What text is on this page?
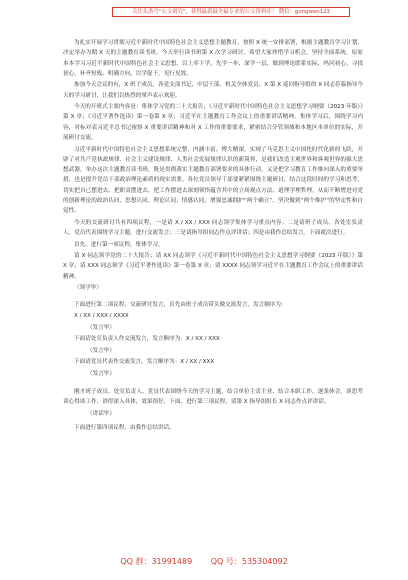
关注头条号"公文研究"，获得最新最全最专业的公文资料库！ 微信：gongwen123

为扎实开展学习贯彻习近平新时代中国特色社会主义思想主题教育，按照 X 统一安排部署，根据主题教育学习计划，决定举办为期 X 天的主题教育读书班。今天举行读书班第 X 次学习研讨。希望大家珍惜学习机会，坚持全面系统、原原本本学习习近平新时代中国特色社会主义思想，以上率下学，先学一步、深学一层，做到理论联系实际，吗问初心、寻找初心、补齐短板、明确方向，以学促干，见行见效。

参加今天会议的有，X 班子成员，各党支部书记、中层干部、机关全体党员、X 第 X 巡回指导组的 X 同志莅临指导今天的学习研讨，让我们以热烈的掌声表示欢迎。

今天的开班式主要内容是：集体学习党的二十大报告；《习近平新时代中国特色社会主义思想学习纲要（2023 年版）》第 X 章；《习近平著作选读》第一卷第 X 章；习近平在主题教育工作会议上的重要讲话精神，集体学习后，围绕学习内容，对标对表习近平总书记视察 X 重要讲话精神和对 X 工作的重要要求，紧密结合分管领域和本地区本单位的实际，开展研讨交流。

习近平新时代中国特色社会主义思想系统完整、内涵丰富、博大精深，实现了马克思主义中国化时代化新的飞跃，开辟了对共产党执政规律、社会主义建设规律、人类社会发展规律认识的新境界，是我们改造主观世界和客观世界的强大思想武器，举办这次主题教育读书班，既是贯彻落实主题教育部署要求的具体行动，又是把学习教育工作推向深入的重要举措，也是提升党员干部政治理论素质的现实需要。各位党员领导干部要紧紧围绕主题研讨，结合这段时间的学习和思考，切实把自己摆进去、把职责摆进去、把工作摆进去深刻领悟蕴含其中的立场观点方法、道理学理哲理，从而不断增进对党的创新理论的政治认同、思想认同、理论认同、情感认同，增强忠诚拥护“两个确立”、坚决做到“两个维护”的坚定性和自觉性。

今天的交流研讨共有四项议程，一是请 X / XX / XXX 同志领学集体学习重点内容；二是请班子成员、各处室负责人、党员代表围绕学习主题，进行交流发言；三是请指导组同志作点评讲话；四是由我作总结发言。下面就次进行。

首先，进行第一项议程，集体学习。

请 X 同志领学党的二十大报告；请 XX 同志领学《习近平新时代中国特色社会主义思想学习纲要（2023 年版）》第 X 章；请 XXX 同志领学《习近平著作选读》第一卷第 X 章；请 XXXX 同志领学习近平在主题教育工作会议上的重要讲话精神。

（领学毕）

下面进行第二项议程，交流研讨发言，首先由班子成员带头做交流发言，发言顺序为：

X / XX / XXX / XXXX

（发言毕）

下面请处室负责人作交流发言，发言顺序为：X / XX / XXX

（发言毕）

下面请党员代表作交流发言，发言顺序为：X / XX / XXX

（发言毕）

刚才班子成员、处室负责人、党员代表围绕今天的学习主题，结合单位主责主业、结合本职工作，逐条体会，谈思考谈心得谈工作，讲得深入具体，效果很好，下面，进行第三项议程，请第 X 指导组组长 X 同志作点评讲话。

（讲话毕）

下面进行第四项议程，由我作总结讲话。

QQ 群：31991489 QQ 号：535304092
